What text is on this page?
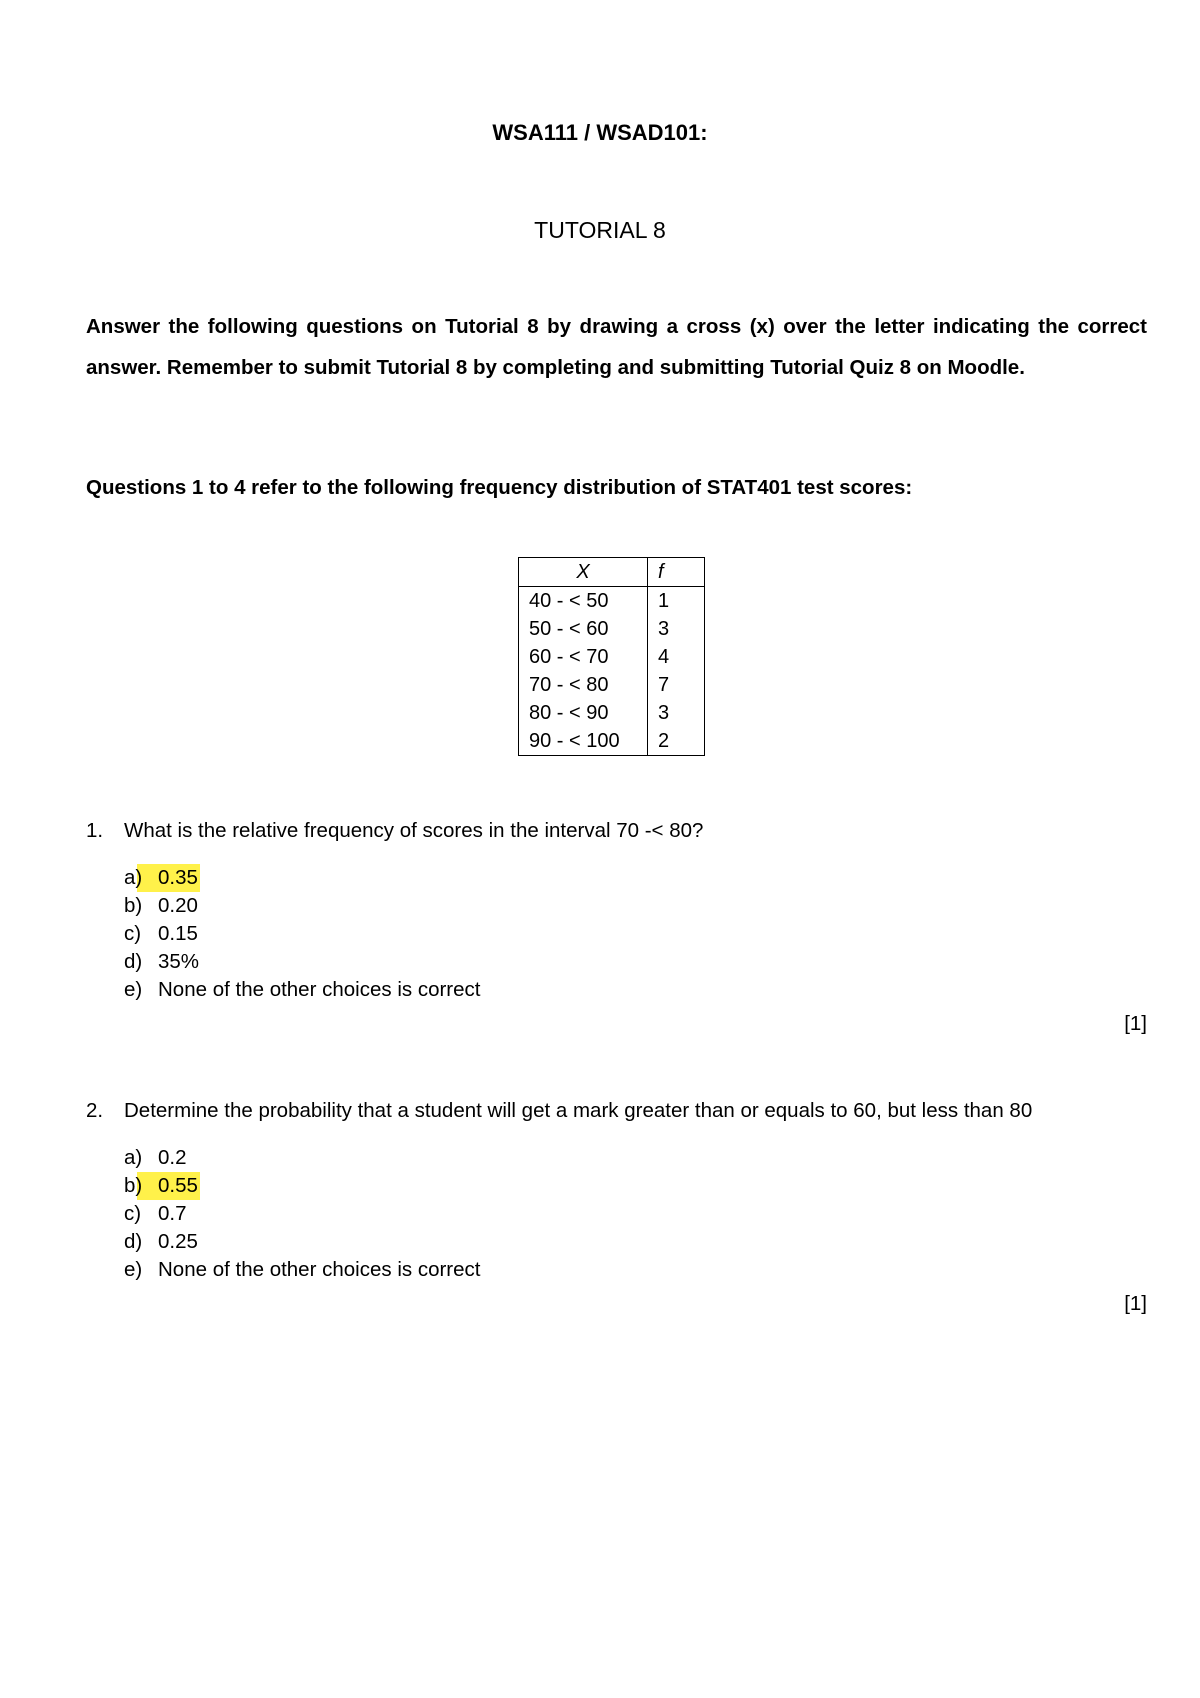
WSA111 / WSAD101:
TUTORIAL 8
Answer the following questions on Tutorial 8 by drawing a cross (x) over the letter indicating the correct answer. Remember to submit Tutorial 8 by completing and submitting Tutorial Quiz 8 on Moodle.
Questions 1 to 4 refer to the following frequency distribution of STAT401 test scores:
X	f
40 - < 50	1
50 - < 60	3
60 - < 70	4
70 - < 80	7
80 - < 90	3
90 - < 100	2
1.	What is the relative frequency of scores in the interval 70 -< 80?
a) 0.35
b) 0.20
c) 0.15
d) 35%
e) None of the other choices is correct
[1]
2.	Determine the probability that a student will get a mark greater than or equals to 60, but less than 80
a) 0.2
b) 0.55
c) 0.7
d) 0.25
e) None of the other choices is correct
[1]
